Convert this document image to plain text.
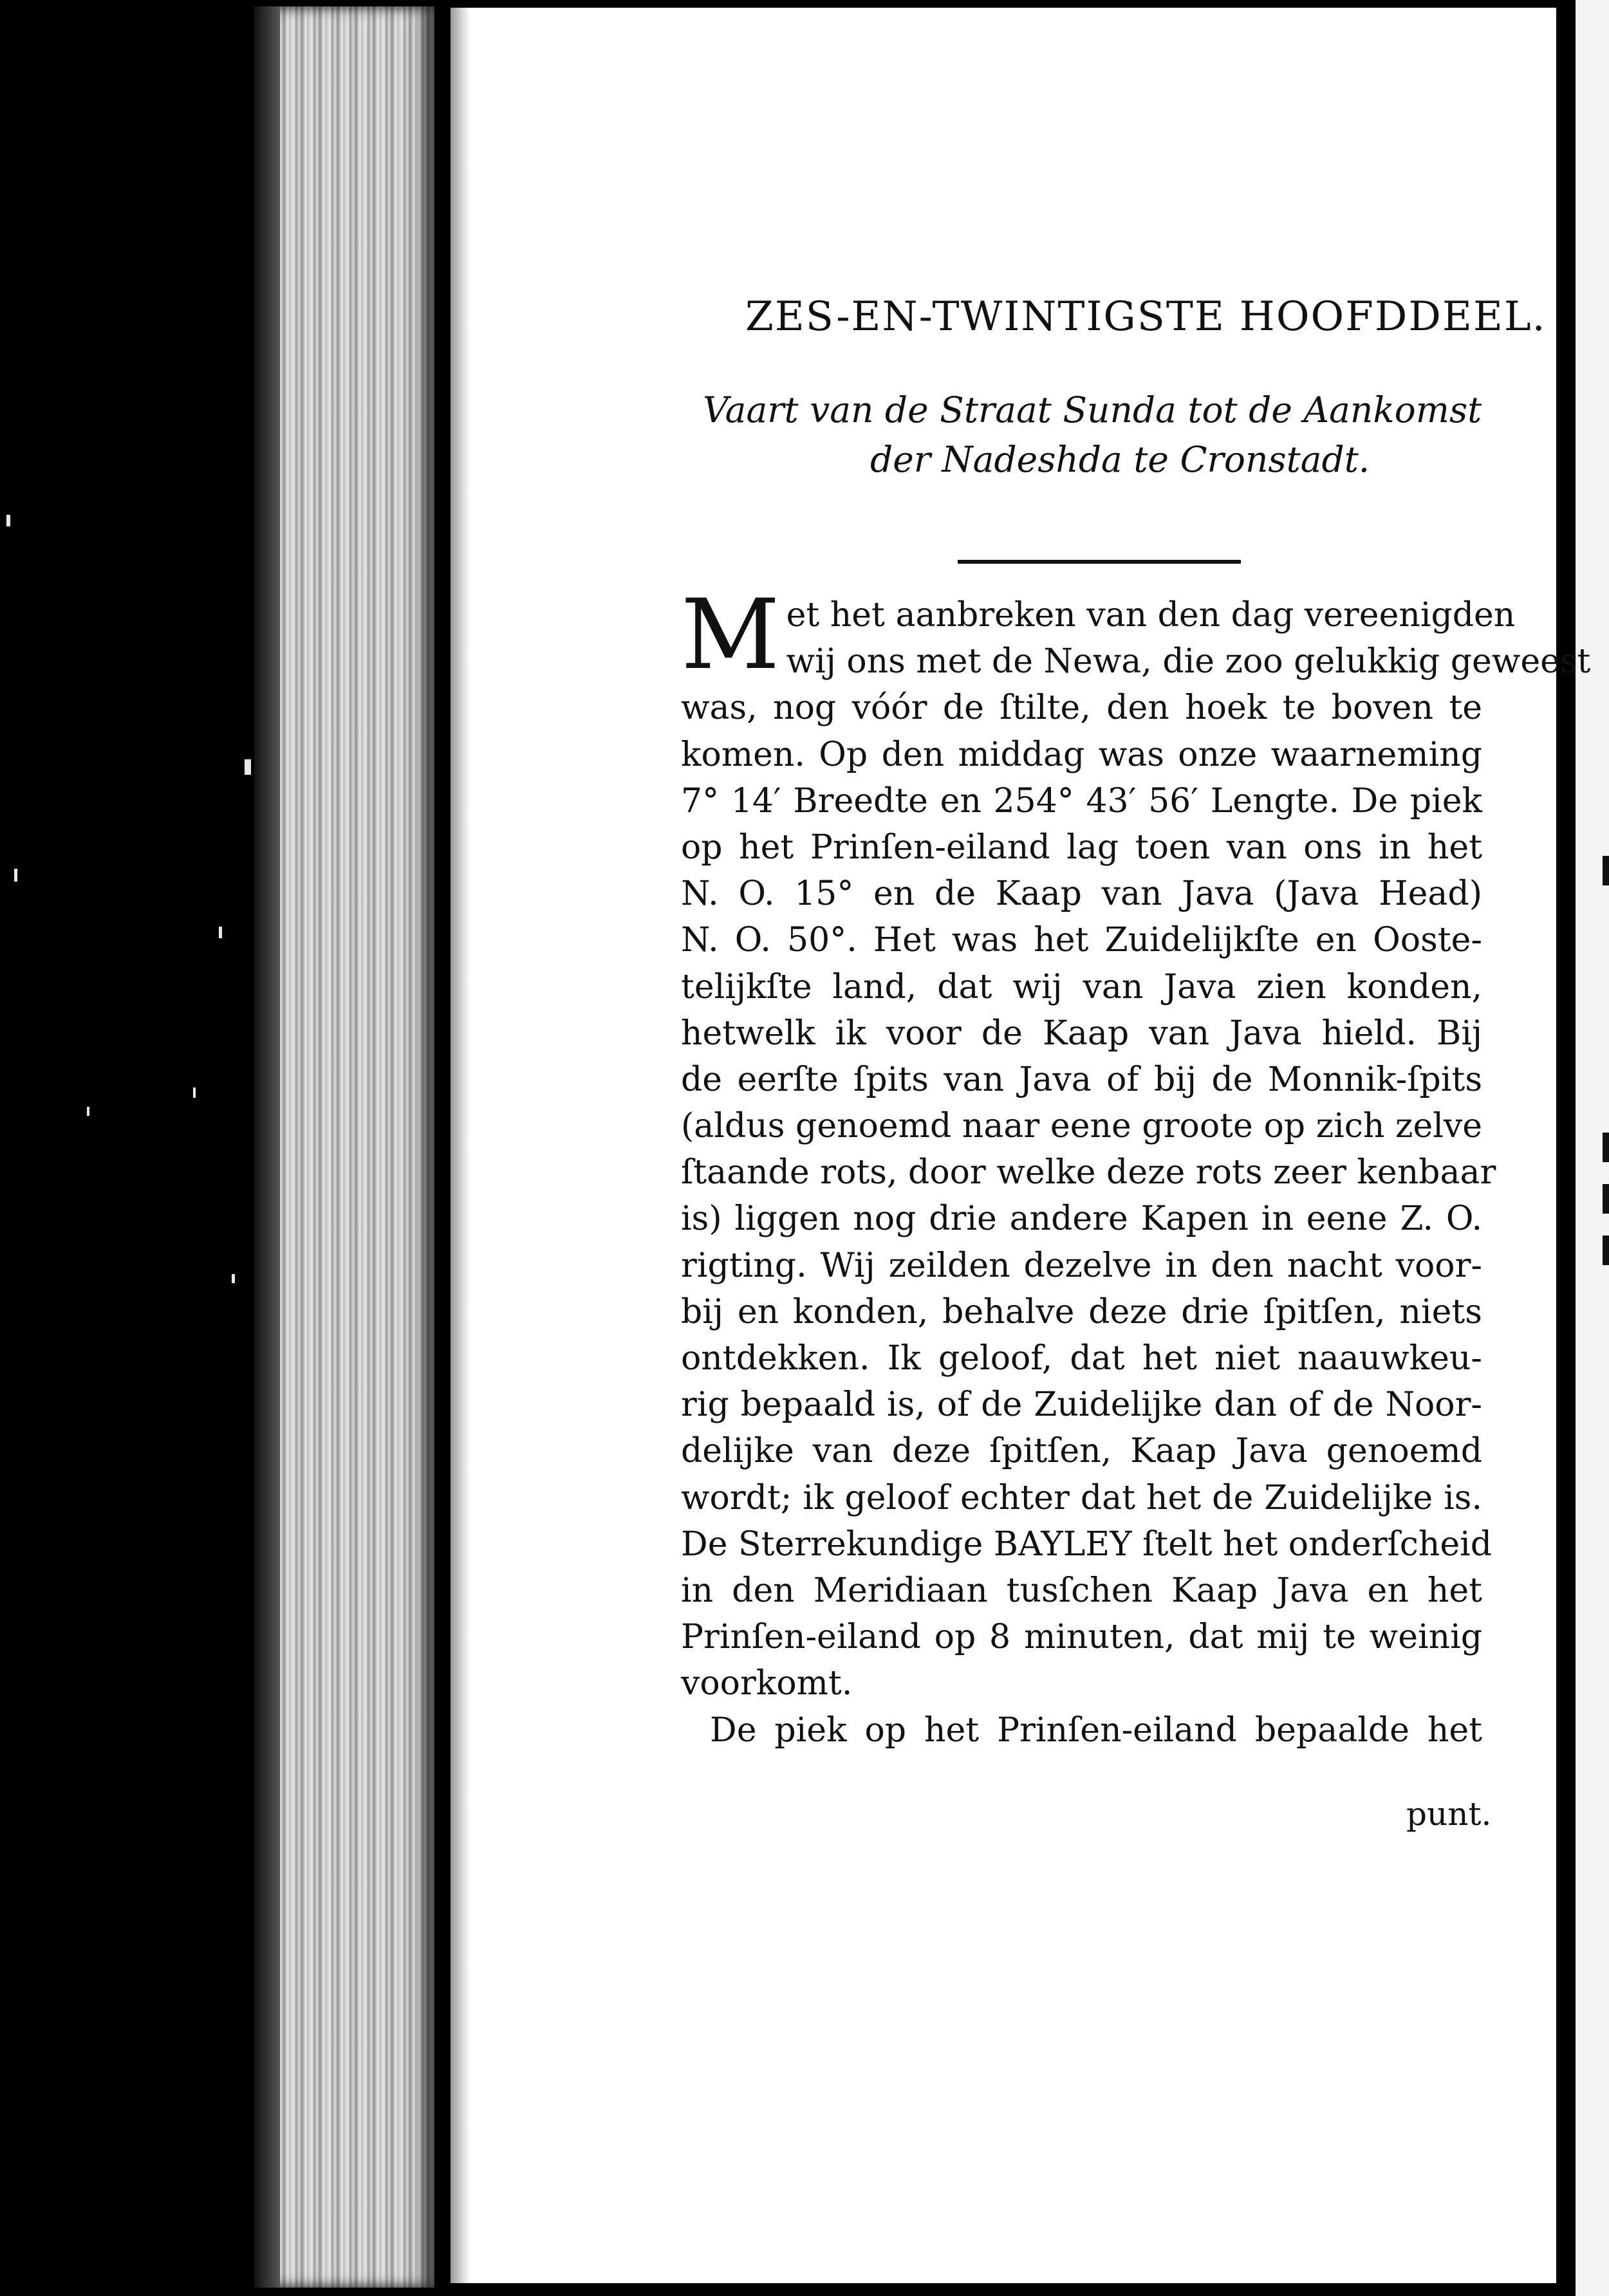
ZES-EN-TWINTIGSTE HOOFDDEEL.
Vaart van de Straat Sunda tot de Aankomst
der Nadeshda te Cronstadt.
M et het aanbreken van den dag vereenigden
wij ons met de Newa, die zoo gelukkig geweest
was, nog vóór de ſtilte, den hoek te boven te
komen. Op den middag was onze waarneming
7° 14′ Breedte en 254° 43′ 56′ Lengte. De piek
op het Prinſen-eiland lag toen van ons in het
N. O. 15° en de Kaap van Java (Java Head)
N. O. 50°. Het was het Zuidelijkſte en Ooste-
telijkſte land, dat wij van Java zien konden,
hetwelk ik voor de Kaap van Java hield. Bij
de eerſte ſpits van Java of bij de Monnik-ſpits
(aldus genoemd naar eene groote op zich zelve
ſtaande rots, door welke deze rots zeer kenbaar
is) liggen nog drie andere Kapen in eene Z. O.
rigting. Wij zeilden dezelve in den nacht voor-
bij en konden, behalve deze drie ſpitſen, niets
ontdekken. Ik geloof, dat het niet naauwkeu-
rig bepaald is, of de Zuidelijke dan of de Noor-
delijke van deze ſpitſen, Kaap Java genoemd
wordt; ik geloof echter dat het de Zuidelijke is.
De Sterrekundige BAYLEY ſtelt het onderſcheid
in den Meridiaan tusſchen Kaap Java en het
Prinſen-eiland op 8 minuten, dat mij te weinig
voorkomt.
De piek op het Prinſen-eiland bepaalde het
punt.
